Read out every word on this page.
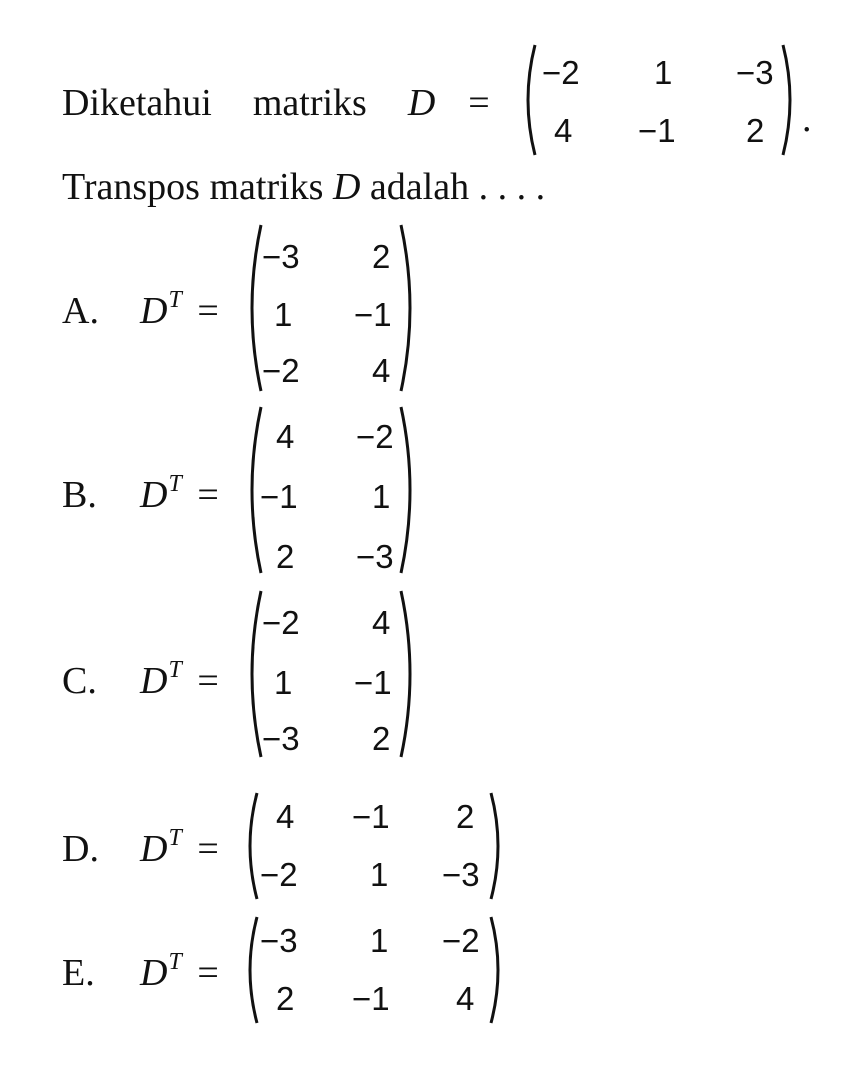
Diketahui matriks D =
−2 1 −3
4 −1 2 .
Transpos matriks D adalah . . . .
A. $D^T$ =
−3 2
1 −1
−2 4
B. $D^T$ =
4 −2
−1 1
2 −3
C. $D^T$ =
−2 4
1 −1
−3 2
D. $D^T$ =
4 −1 2
−2 1 −3
E. $D^T$ =
−3 1 −2
2 −1 4
